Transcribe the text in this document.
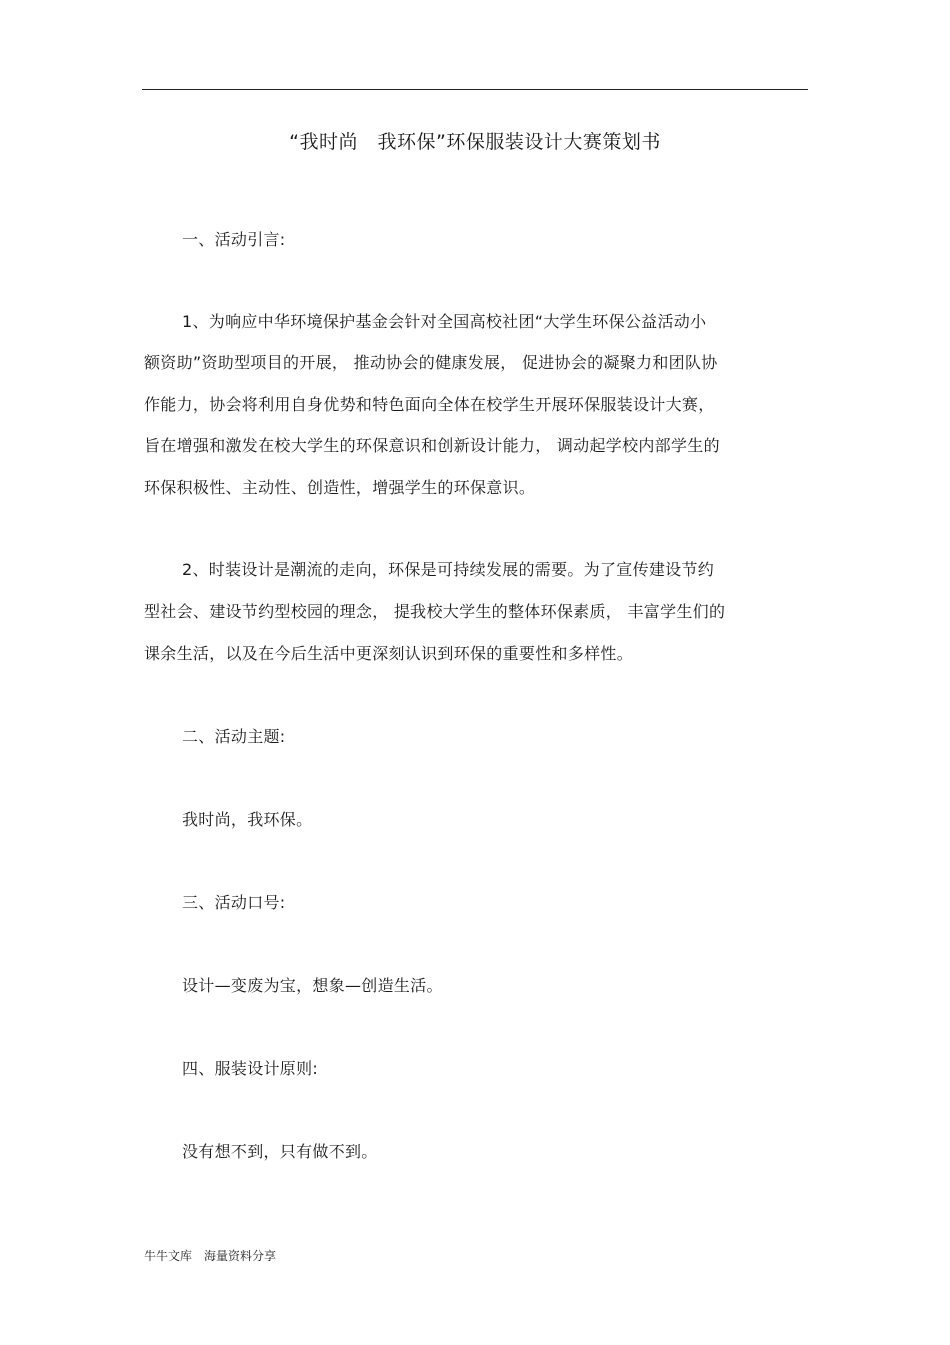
“我时尚　我环保”环保服装设计大赛策划书
一、活动引言:
1、为响应中华环境保护基金会针对全国高校社团“大学生环保公益活动小
额资助”资助型项目的开展， 推动协会的健康发展， 促进协会的凝聚力和团队协
作能力，协会将利用自身优势和特色面向全体在校学生开展环保服装设计大赛，
旨在增强和激发在校大学生的环保意识和创新设计能力， 调动起学校内部学生的
环保积极性、主动性、创造性，增强学生的环保意识。
2、时装设计是潮流的走向，环保是可持续发展的需要。为了宣传建设节约
型社会、建设节约型校园的理念， 提我校大学生的整体环保素质， 丰富学生们的
课余生活，以及在今后生活中更深刻认识到环保的重要性和多样性。
二、活动主题:
我时尚，我环保。
三、活动口号:
设计—变废为宝，想象—创造生活。
四、服装设计原则:
没有想不到，只有做不到。
牛牛文库　海量资料分享
